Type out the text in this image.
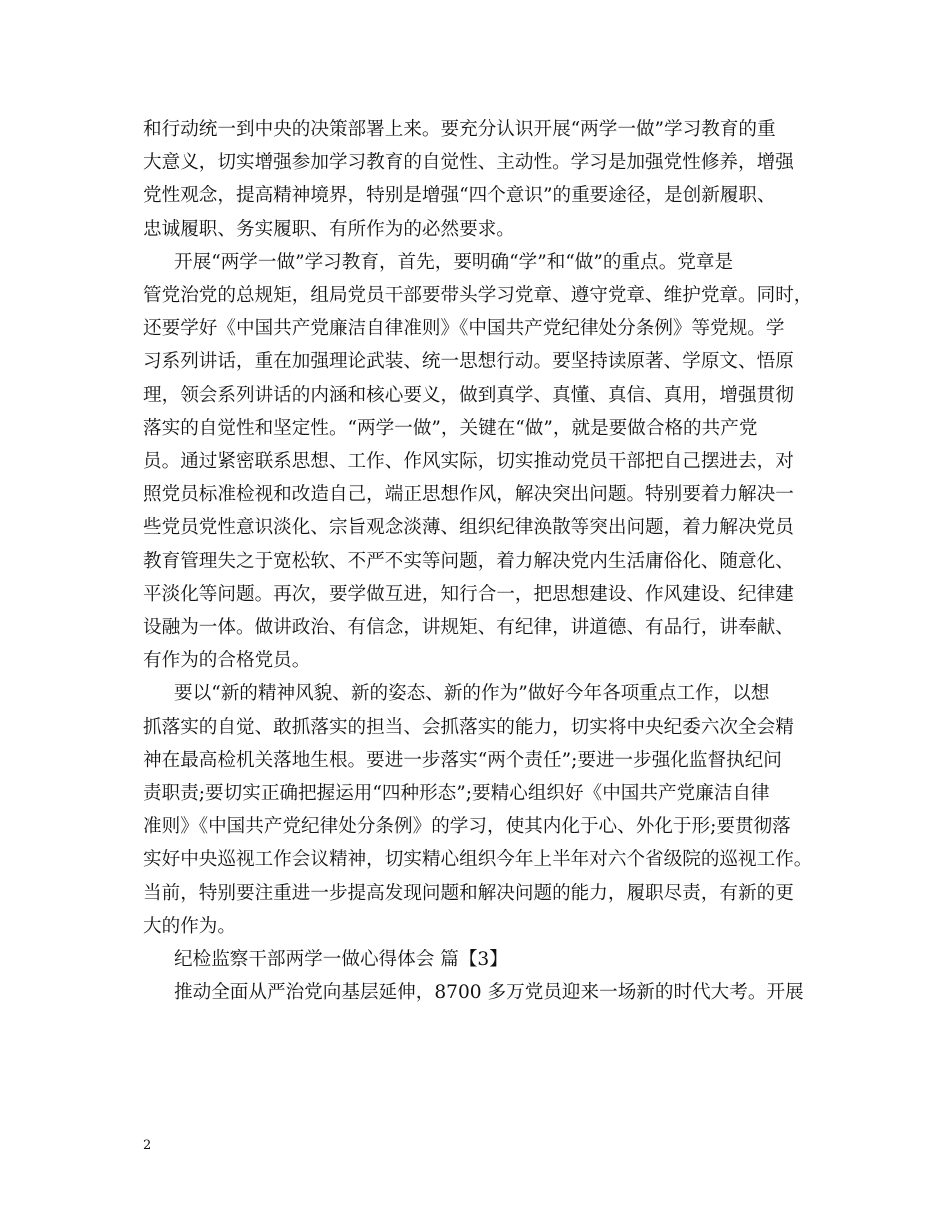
和行动统一到中央的决策部署上来。要充分认识开展“两学一做”学习教育的重
大意义，切实增强参加学习教育的自觉性、主动性。学习是加强党性修养，增强
党性观念，提高精神境界，特别是增强“四个意识”的重要途径，是创新履职、
忠诚履职、务实履职、有所作为的必然要求。

开展“两学一做”学习教育，首先，要明确“学”和“做”的重点。党章是
管党治党的总规矩，组局党员干部要带头学习党章、遵守党章、维护党章。同时，
还要学好《中国共产党廉洁自律准则》《中国共产党纪律处分条例》等党规。学
习系列讲话，重在加强理论武装、统一思想行动。要坚持读原著、学原文、悟原
理，领会系列讲话的内涵和核心要义，做到真学、真懂、真信、真用，增强贯彻
落实的自觉性和坚定性。“两学一做”，关键在“做”，就是要做合格的共产党
员。通过紧密联系思想、工作、作风实际，切实推动党员干部把自己摆进去，对
照党员标准检视和改造自己，端正思想作风，解决突出问题。特别要着力解决一
些党员党性意识淡化、宗旨观念淡薄、组织纪律涣散等突出问题，着力解决党员
教育管理失之于宽松软、不严不实等问题，着力解决党内生活庸俗化、随意化、
平淡化等问题。再次，要学做互进，知行合一，把思想建设、作风建设、纪律建
设融为一体。做讲政治、有信念，讲规矩、有纪律，讲道德、有品行，讲奉献、
有作为的合格党员。

要以“新的精神风貌、新的姿态、新的作为”做好今年各项重点工作，以想
抓落实的自觉、敢抓落实的担当、会抓落实的能力，切实将中央纪委六次全会精
神在最高检机关落地生根。要进一步落实“两个责任”;要进一步强化监督执纪问
责职责;要切实正确把握运用“四种形态”;要精心组织好《中国共产党廉洁自律
准则》《中国共产党纪律处分条例》的学习，使其内化于心、外化于形;要贯彻落
实好中央巡视工作会议精神，切实精心组织今年上半年对六个省级院的巡视工作。
当前，特别要注重进一步提高发现问题和解决问题的能力，履职尽责，有新的更
大的作为。

纪检监察干部两学一做心得体会 篇【3】

推动全面从严治党向基层延伸，8700 多万党员迎来一场新的时代大考。开展

2
